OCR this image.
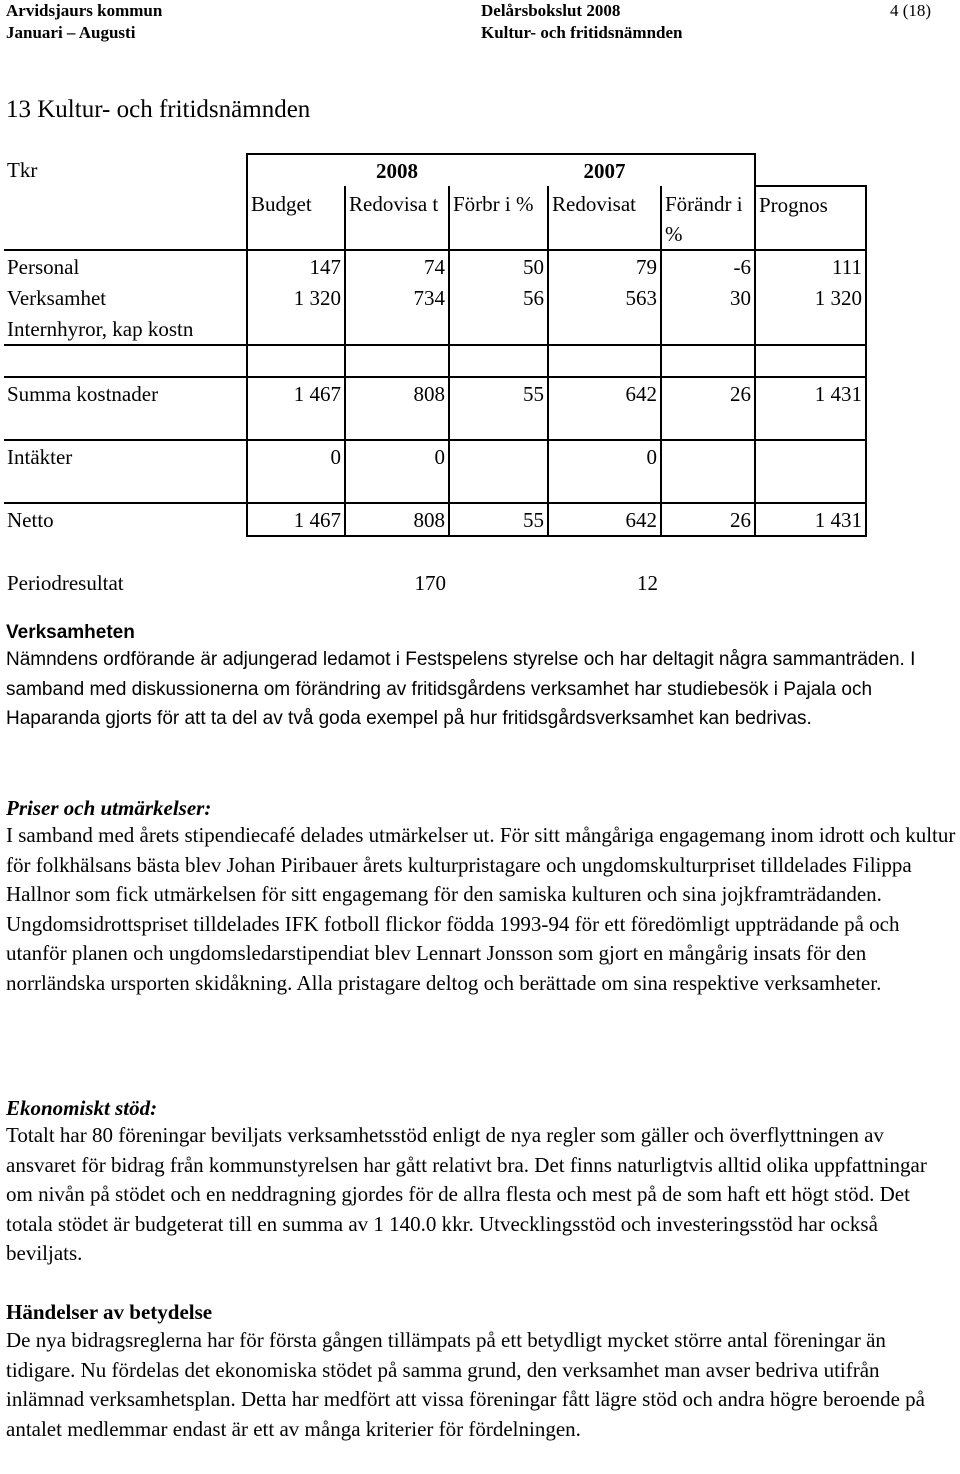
Arvidsjaurs kommun
Januari – Augusti
Delårsbokslut 2008
Kultur- och fritidsnämnden
4 (18)
13 Kultur- och fritidsnämnden
Tkr		2008		2007		
	Budget	Redovisa t	Förbr i %	Redovisat	Förändr i %	Prognos
Personal	147	74	50	79	-6	111
Verksamhet	1 320	734	56	563	30	1 320
Internhyror, kap kostn						

Summa kostnader	1 467	808	55	642	26	1 431

Intäkter	0	0		0		

Netto	1 467	808	55	642	26	1 431

Periodresultat		170		12		
Verksamheten

Nämndens ordförande är adjungerad ledamot i Festspelens styrelse och har deltagit några sammanträden. I samband med diskussionerna om förändring av fritidsgårdens verksamhet har studiebesök i Pajala och Haparanda gjorts för att ta del av två goda exempel på hur fritidsgårdsverksamhet kan bedrivas.

Priser och utmärkelser:

I samband med årets stipendiecafé delades utmärkelser ut. För sitt mångåriga engagemang inom idrott och kultur för folkhälsans bästa blev Johan Piribauer årets kulturpristagare och ungdomskulturpriset tilldelades Filippa Hallnor som fick utmärkelsen för sitt engagemang för den samiska kulturen och sina jojkframträdanden. Ungdomsidrottspriset tilldelades IFK fotboll flickor födda 1993-94 för ett föredömligt uppträdande på och utanför planen och ungdomsledarstipendiat blev Lennart Jonsson som gjort en mångårig insats för den norrländska ursporten skidåkning. Alla pristagare deltog och berättade om sina respektive verksamheter.

Ekonomiskt stöd:

Totalt har 80 föreningar beviljats verksamhetsstöd enligt de nya regler som gäller och överflyttningen av ansvaret för bidrag från kommunstyrelsen har gått relativt bra. Det finns naturligtvis alltid olika uppfattningar om nivån på stödet och en neddragning gjordes för de allra flesta och mest på de som haft ett högt stöd. Det totala stödet är budgeterat till en summa av 1 140.0 kkr. Utvecklingsstöd och investeringsstöd har också beviljats.

Händelser av betydelse

De nya bidragsreglerna har för första gången tillämpats på ett betydligt mycket större antal föreningar än tidigare. Nu fördelas det ekonomiska stödet på samma grund, den verksamhet man avser bedriva utifrån inlämnad verksamhetsplan. Detta har medfört att vissa föreningar fått lägre stöd och andra högre beroende på antalet medlemmar endast är ett av många kriterier för fördelningen.
